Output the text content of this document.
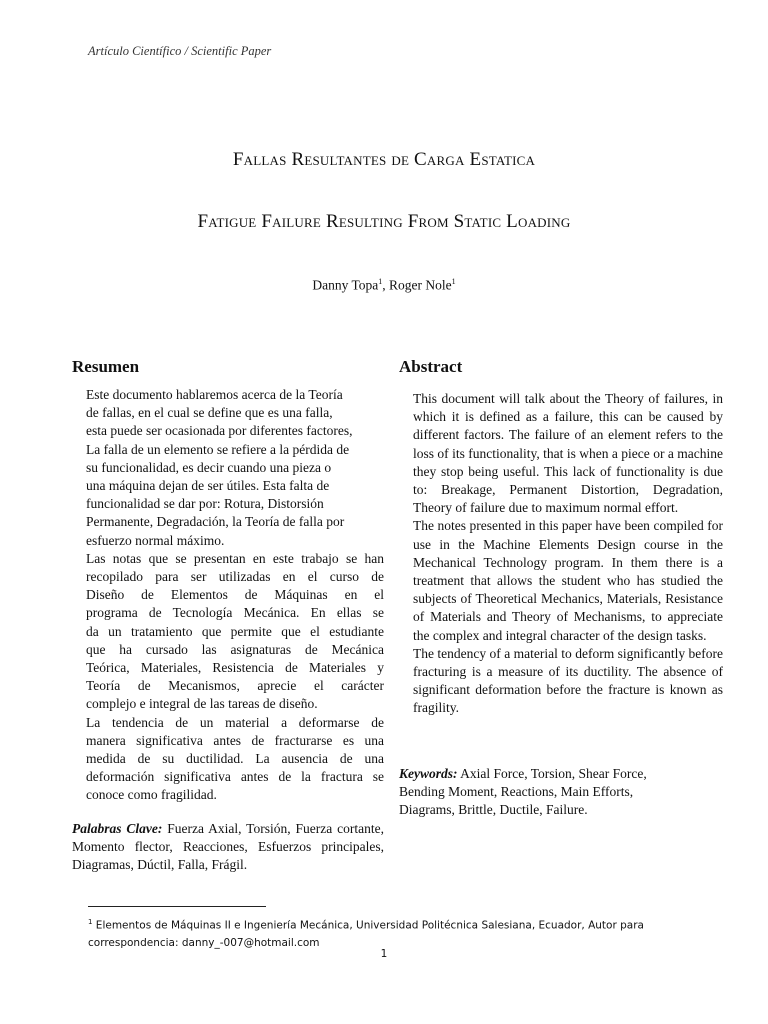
Artículo Científico / Scientific Paper
Fallas Resultantes de Carga Estatica
Fatigue Failure Resulting From Static Loading
Danny Topa$^1$, Roger Nole$^1$
Resumen	Abstract
Este documento hablaremos acerca de la Teoría
de fallas, en el cual se define que es una falla,
esta puede ser ocasionada por diferentes factores,
La falla de un elemento se refiere a la pérdida de
su funcionalidad, es decir cuando una pieza o
una máquina dejan de ser útiles. Esta falta de
funcionalidad se dar por: Rotura, Distorsión
Permanente, Degradación, la Teoría de falla por
esfuerzo normal máximo.
Las notas que se presentan en este trabajo se han
recopilado para ser utilizadas en el curso de
Diseño de Elementos de Máquinas en el
programa de Tecnología Mecánica. En ellas se
da un tratamiento que permite que el estudiante
que ha cursado las asignaturas de Mecánica
Teórica, Materiales, Resistencia de Materiales y
Teoría de Mecanismos, aprecie el carácter
complejo e integral de las tareas de diseño.
La tendencia de un material a deformarse de
manera significativa antes de fracturarse es una
medida de su ductilidad. La ausencia de una
deformación significativa antes de la fractura se
conoce como fragilidad.
Palabras Clave: Fuerza Axial, Torsión, Fuerza cortante, Momento flector, Reacciones, Esfuerzos principales, Diagramas, Dúctil, Falla, Frágil.

This document will talk about the Theory of failures, in which it is defined as a failure, this can be caused by different factors. The failure of an element refers to the loss of its functionality, that is when a piece or a machine they stop being useful. This lack of functionality is due to: Breakage, Permanent Distortion, Degradation, Theory of failure due to maximum normal effort.

The notes presented in this paper have been compiled for use in the Machine Elements Design course in the Mechanical Technology program. In them there is a treatment that allows the student who has studied the subjects of Theoretical Mechanics, Materials, Resistance of Materials and Theory of Mechanisms, to appreciate the complex and integral character of the design tasks.

The tendency of a material to deform significantly before fracturing is a measure of its ductility. The absence of significant deformation before the fracture is known as fragility.

Keywords: Axial Force, Torsion, Shear Force,
Bending Moment, Reactions, Main Efforts,
Diagrams, Brittle, Ductile, Failure.
$^1$ Elementos de Máquinas II e Ingeniería Mecánica, Universidad Politécnica Salesiana, Ecuador, Autor para
correspondencia: danny_-007@hotmail.com
1
